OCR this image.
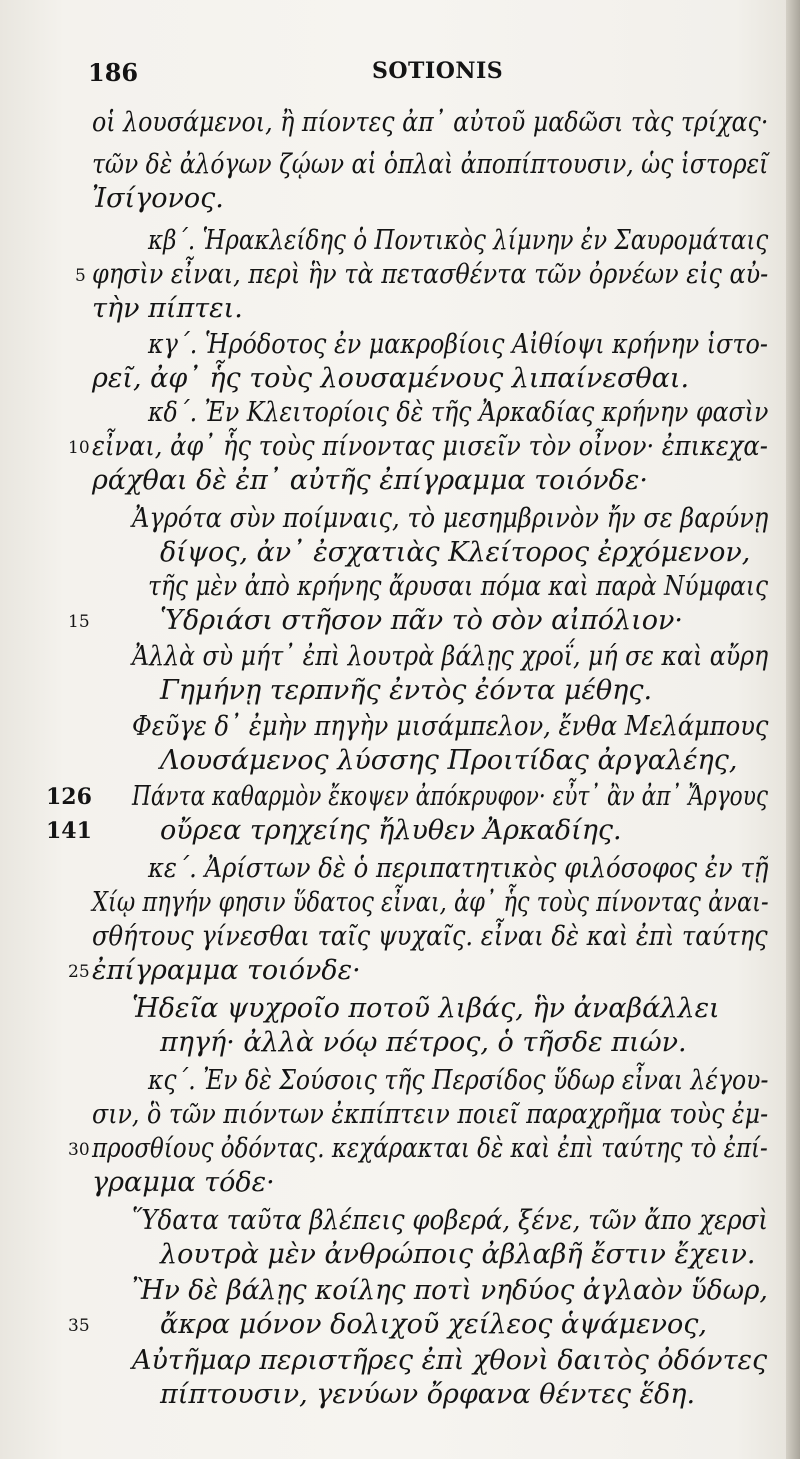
186	SOTIONIS
οἱ λουσάμενοι, ἢ πίοντες ἀπ᾽ αὐτοῦ μαδῶσι τὰς τρίχας·
τῶν δὲ ἀλόγων ζῴων αἱ ὁπλαὶ ἀποπίπτουσιν, ὡς ἱστορεῖ
Ἰσίγονος.
κβ΄. Ἡρακλείδης ὁ Ποντικὸς λίμνην ἐν Σαυρομάταις
φησὶν εἶναι, περὶ ἣν τὰ πετασθέντα τῶν ὀρνέων εἰς αὐ-
τὴν πίπτει.
κγ΄. Ἡρόδοτος ἐν μακροβίοις Αἰθίοψι κρήνην ἱστο-
ρεῖ, ἀφ᾽ ἧς τοὺς λουσαμένους λιπαίνεσθαι.
κδ΄. Ἐν Κλειτορίοις δὲ τῆς Ἀρκαδίας κρήνην φασὶν
εἶναι, ἀφ᾽ ἧς τοὺς πίνοντας μισεῖν τὸν οἶνον· ἐπικεχα-
ράχθαι δὲ ἐπ᾽ αὐτῆς ἐπίγραμμα τοιόνδε·
Ἀγρότα σὺν ποίμναις, τὸ μεσημβρινὸν ἤν σε βαρύνῃ
δίψος, ἀν᾽ ἐσχατιὰς Κλείτορος ἐρχόμενον,
τῆς μὲν ἀπὸ κρήνης ἄρυσαι πόμα καὶ παρὰ Νύμφαις
Ὑδριάσι στῆσον πᾶν τὸ σὸν αἰπόλιον·
Ἀλλὰ σὺ μήτ᾽ ἐπὶ λουτρὰ βάλῃς χροΐ, μή σε καὶ αὔρη
Γημήνῃ τερπνῆς ἐντὸς ἐόντα μέθης.
Φεῦγε δ᾽ ἐμὴν πηγὴν μισάμπελον, ἔνθα Μελάμπους
Λουσάμενος λύσσης Προιτίδας ἀργαλέης,
Πάντα καθαρμὸν ἔκοψεν ἀπόκρυφον· εὖτ᾽ ἂν ἀπ᾽ Ἄργους
οὔρεα τρηχείης ἤλυθεν Ἀρκαδίης.
κε΄. Ἀρίστων δὲ ὁ περιπατητικὸς φιλόσοφος ἐν τῇ
Χίῳ πηγήν φησιν ὕδατος εἶναι, ἀφ᾽ ἧς τοὺς πίνοντας ἀναι-
σθήτους γίνεσθαι ταῖς ψυχαῖς. εἶναι δὲ καὶ ἐπὶ ταύτης
ἐπίγραμμα τοιόνδε·
Ἡδεῖα ψυχροῖο ποτοῦ λιβάς, ἣν ἀναβάλλει
πηγή· ἀλλὰ νόῳ πέτρος, ὁ τῆσδε πιών.
κς΄. Ἐν δὲ Σούσοις τῆς Περσίδος ὕδωρ εἶναι λέγου-
σιν, ὃ τῶν πιόντων ἐκπίπτειν ποιεῖ παραχρῆμα τοὺς ἐμ-
προσθίους ὀδόντας. κεχάρακται δὲ καὶ ἐπὶ ταύτης τὸ ἐπί-
γραμμα τόδε·
Ὕδατα ταῦτα βλέπεις φοβερά, ξένε, τῶν ἄπο χερσὶ
λουτρὰ μὲν ἀνθρώποις ἀβλαβῆ ἔστιν ἔχειν.
Ἢν δὲ βάλῃς κοίλης ποτὶ νηδύος ἀγλαὸν ὕδωρ,
ἄκρα μόνον δολιχοῦ χείλεος ἁψάμενος,
Αὐτῆμαρ περιστῆρες ἐπὶ χθονὶ δαιτὸς ὀδόντες
πίπτουσιν, γενύων ὄρφανα θέντες ἕδη.
5
10
15
25
30
35
126
141
